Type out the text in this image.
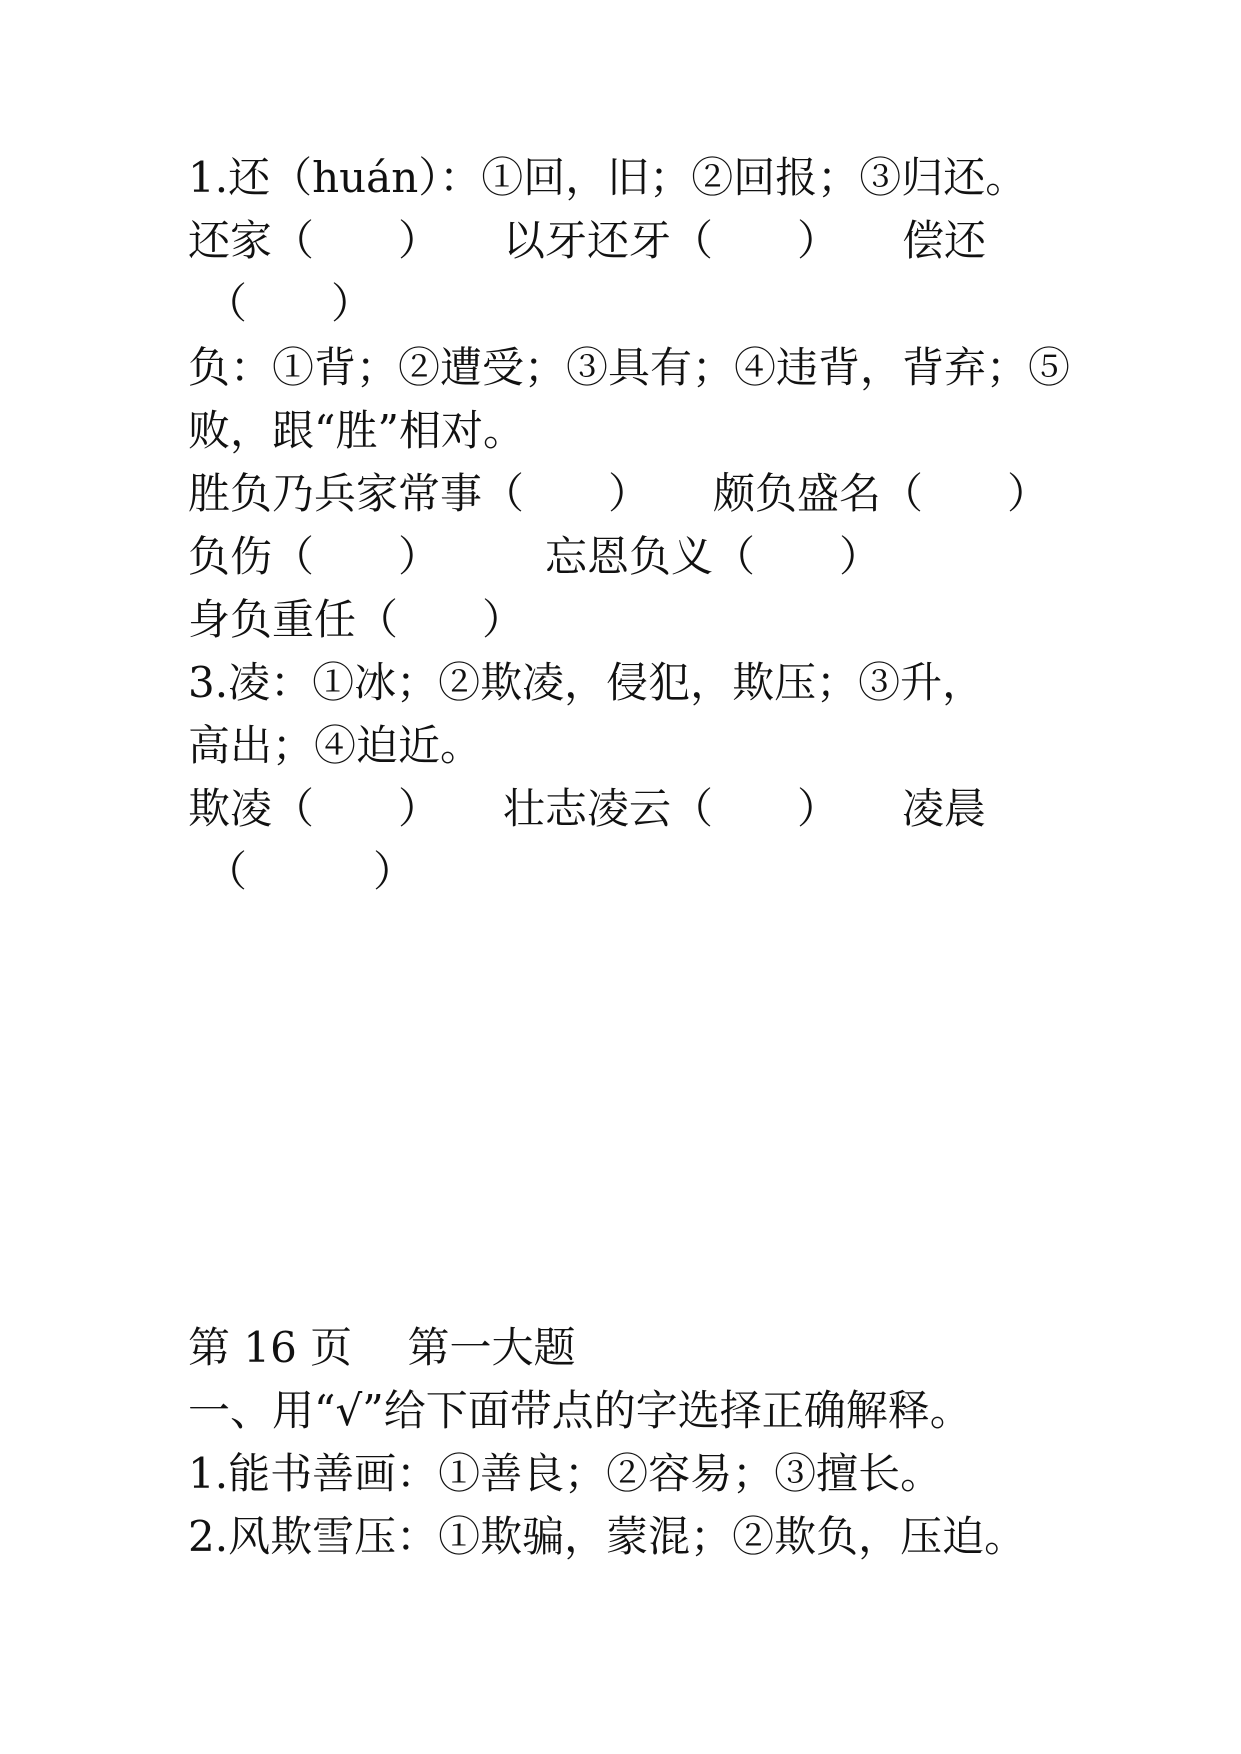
1.还（huán）：①回，旧；②回报；③归还。
还家（　　）　　以牙还牙（　　）　　偿还
（　　）
负：①背；②遭受；③具有；④违背，背弃；⑤
败，跟“胜”相对。
胜负乃兵家常事（　　）　　颇负盛名（　　）
负伤（　　）　　　忘恩负义（　　）
身负重任（　　）
3.凌：①冰；②欺凌，侵犯，欺压；③升，
高出；④迫近。
欺凌（　　）　　壮志凌云（　　）　　凌晨
（　　　）
第 16 页　 第一大题
一、用“√”给下面带点的字选择正确解释。
1.能书善画：①善良；②容易；③擅长。
2.风欺雪压：①欺骗，蒙混；②欺负，压迫。
